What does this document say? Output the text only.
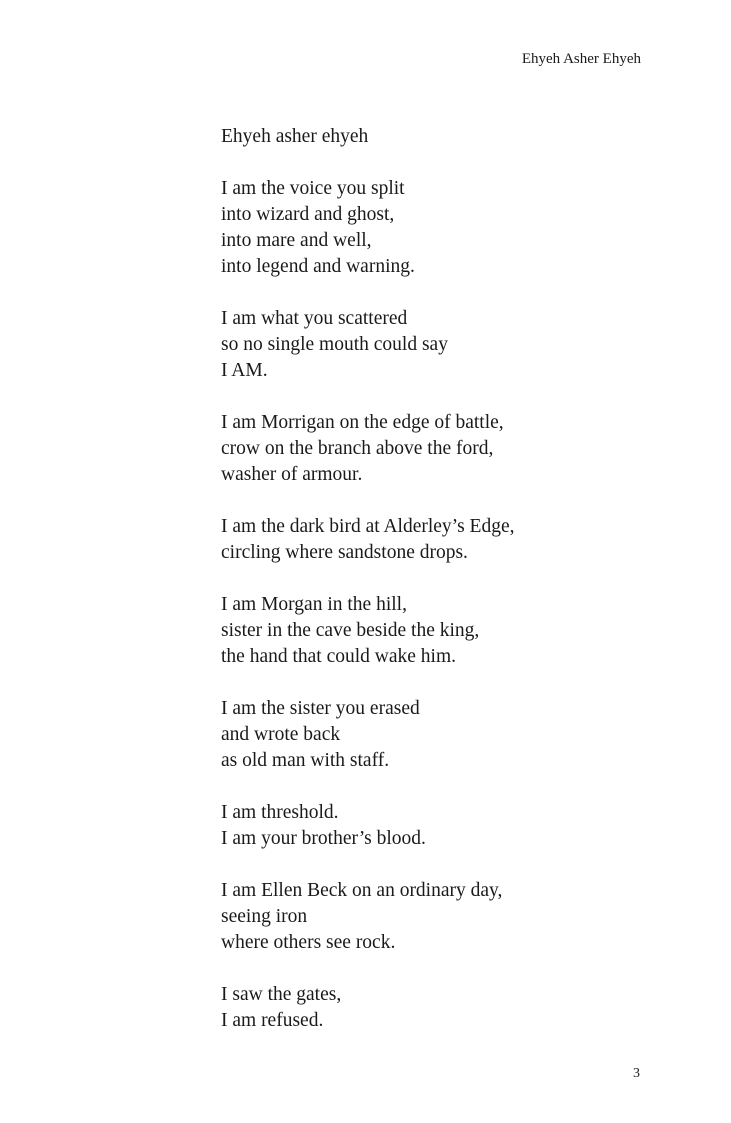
Ehyeh Asher Ehyeh
Ehyeh asher ehyeh
I am the voice you split
into wizard and ghost,
into mare and well,
into legend and warning.
I am what you scattered
so no single mouth could say
I AM.
I am Morrigan on the edge of battle,
crow on the branch above the ford,
washer of armour.
I am the dark bird at Alderley’s Edge,
circling where sandstone drops.
I am Morgan in the hill,
sister in the cave beside the king,
the hand that could wake him.
I am the sister you erased
and wrote back
as old man with staff.
I am threshold.
I am your brother’s blood.
I am Ellen Beck on an ordinary day,
seeing iron
where others see rock.
I saw the gates,
I am refused.
3
